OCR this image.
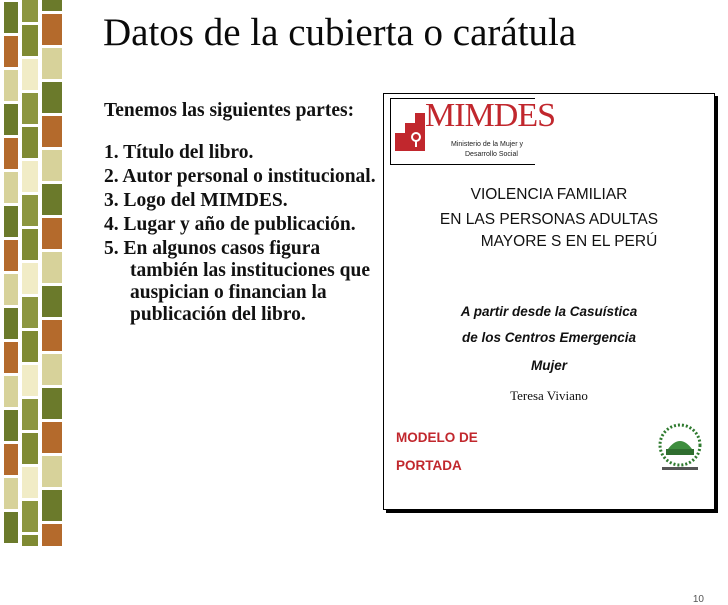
Datos de la cubierta o carátula
Tenemos las siguientes partes:
1. Título del libro.
2. Autor personal o institucional.
3. Logo del MIMDES.
4. Lugar y año de publicación.
5. En algunos casos figura también las instituciones que auspician o financian la publicación del libro.
MIMDES
Ministerio de la Mujer y
Desarrollo Social
VIOLENCIA FAMILIAR
EN LAS PERSONAS ADULTAS
MAYORE S EN EL PERÚ
A partir desde la Casuística
de los Centros Emergencia
Mujer
Teresa Viviano
MODELO DE
PORTADA
10
